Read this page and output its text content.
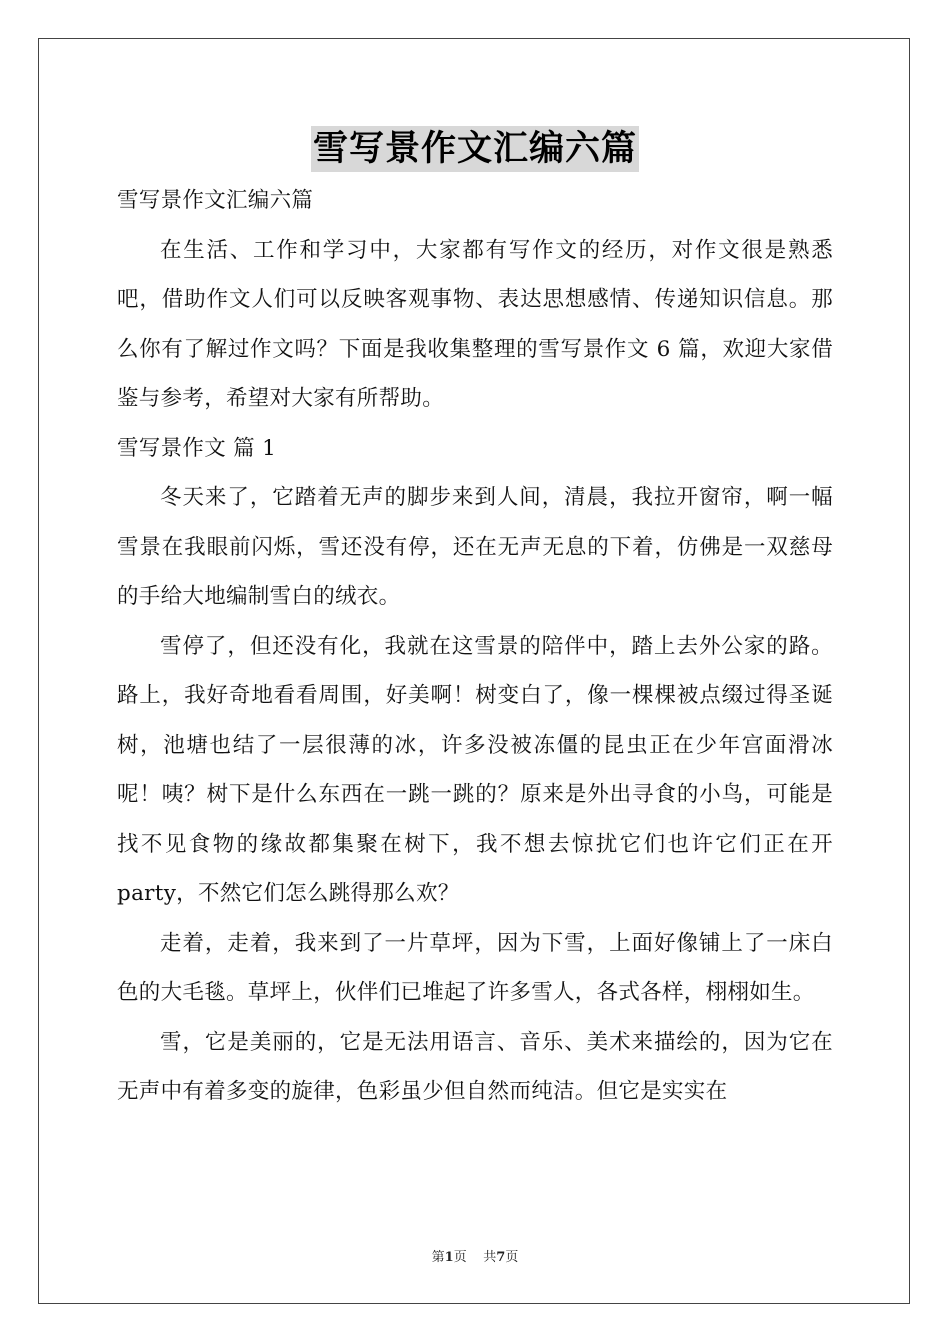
雪写景作文汇编六篇

雪写景作文汇编六篇

在生活、工作和学习中，大家都有写作文的经历，对作文很是熟悉吧，借助作文人们可以反映客观事物、表达思想感情、传递知识信息。那么你有了解过作文吗？下面是我收集整理的雪写景作文 6 篇，欢迎大家借鉴与参考，希望对大家有所帮助。

雪写景作文 篇 1

冬天来了，它踏着无声的脚步来到人间，清晨，我拉开窗帘，啊一幅雪景在我眼前闪烁，雪还没有停，还在无声无息的下着，仿佛是一双慈母的手给大地编制雪白的绒衣。

雪停了，但还没有化，我就在这雪景的陪伴中，踏上去外公家的路。路上，我好奇地看看周围，好美啊！树变白了，像一棵棵被点缀过得圣诞树，池塘也结了一层很薄的冰，许多没被冻僵的昆虫正在少年宫面滑冰呢！咦？树下是什么东西在一跳一跳的？原来是外出寻食的小鸟，可能是找不见食物的缘故都集聚在树下，我不想去惊扰它们也许它们正在开 party，不然它们怎么跳得那么欢？

走着，走着，我来到了一片草坪，因为下雪，上面好像铺上了一床白色的大毛毯。草坪上，伙伴们已堆起了许多雪人，各式各样，栩栩如生。

雪，它是美丽的，它是无法用语言、音乐、美术来描绘的，因为它在无声中有着多变的旋律，色彩虽少但自然而纯洁。但它是实实在

第1页 共7页
